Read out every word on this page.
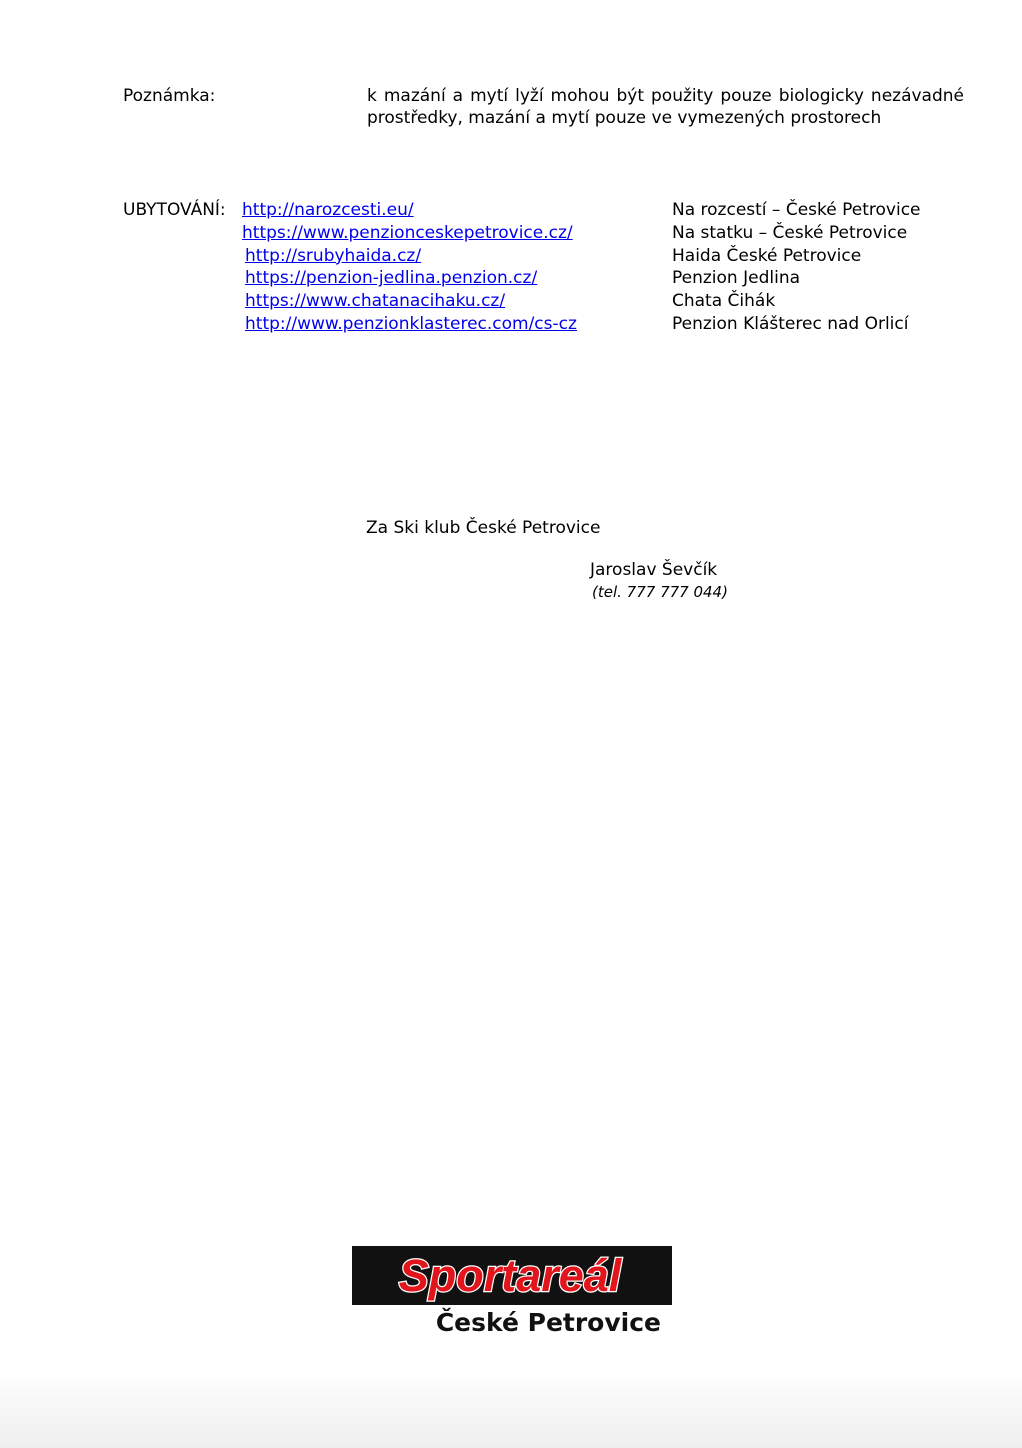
Poznámka:	k mazání a mytí lyží mohou být použity pouze biologicky nezávadné prostředky, mazání a mytí pouze ve vymezených prostorech
UBYTOVÁNÍ: http://narozcesti.eu/
https://www.penzionceskepetrovice.cz/
http://srubyhaida.cz/
https://penzion-jedlina.penzion.cz/
https://www.chatanacihaku.cz/
http://www.penzionklasterec.com/cs-cz
Na rozcestí – České Petrovice
Na statku – České Petrovice
Haida České Petrovice
Penzion Jedlina
Chata Čihák
Penzion Klášterec nad Orlicí
Za Ski klub České Petrovice
Jaroslav Ševčík
(tel. 777 777 044)
Sportareál	®
České Petrovice
